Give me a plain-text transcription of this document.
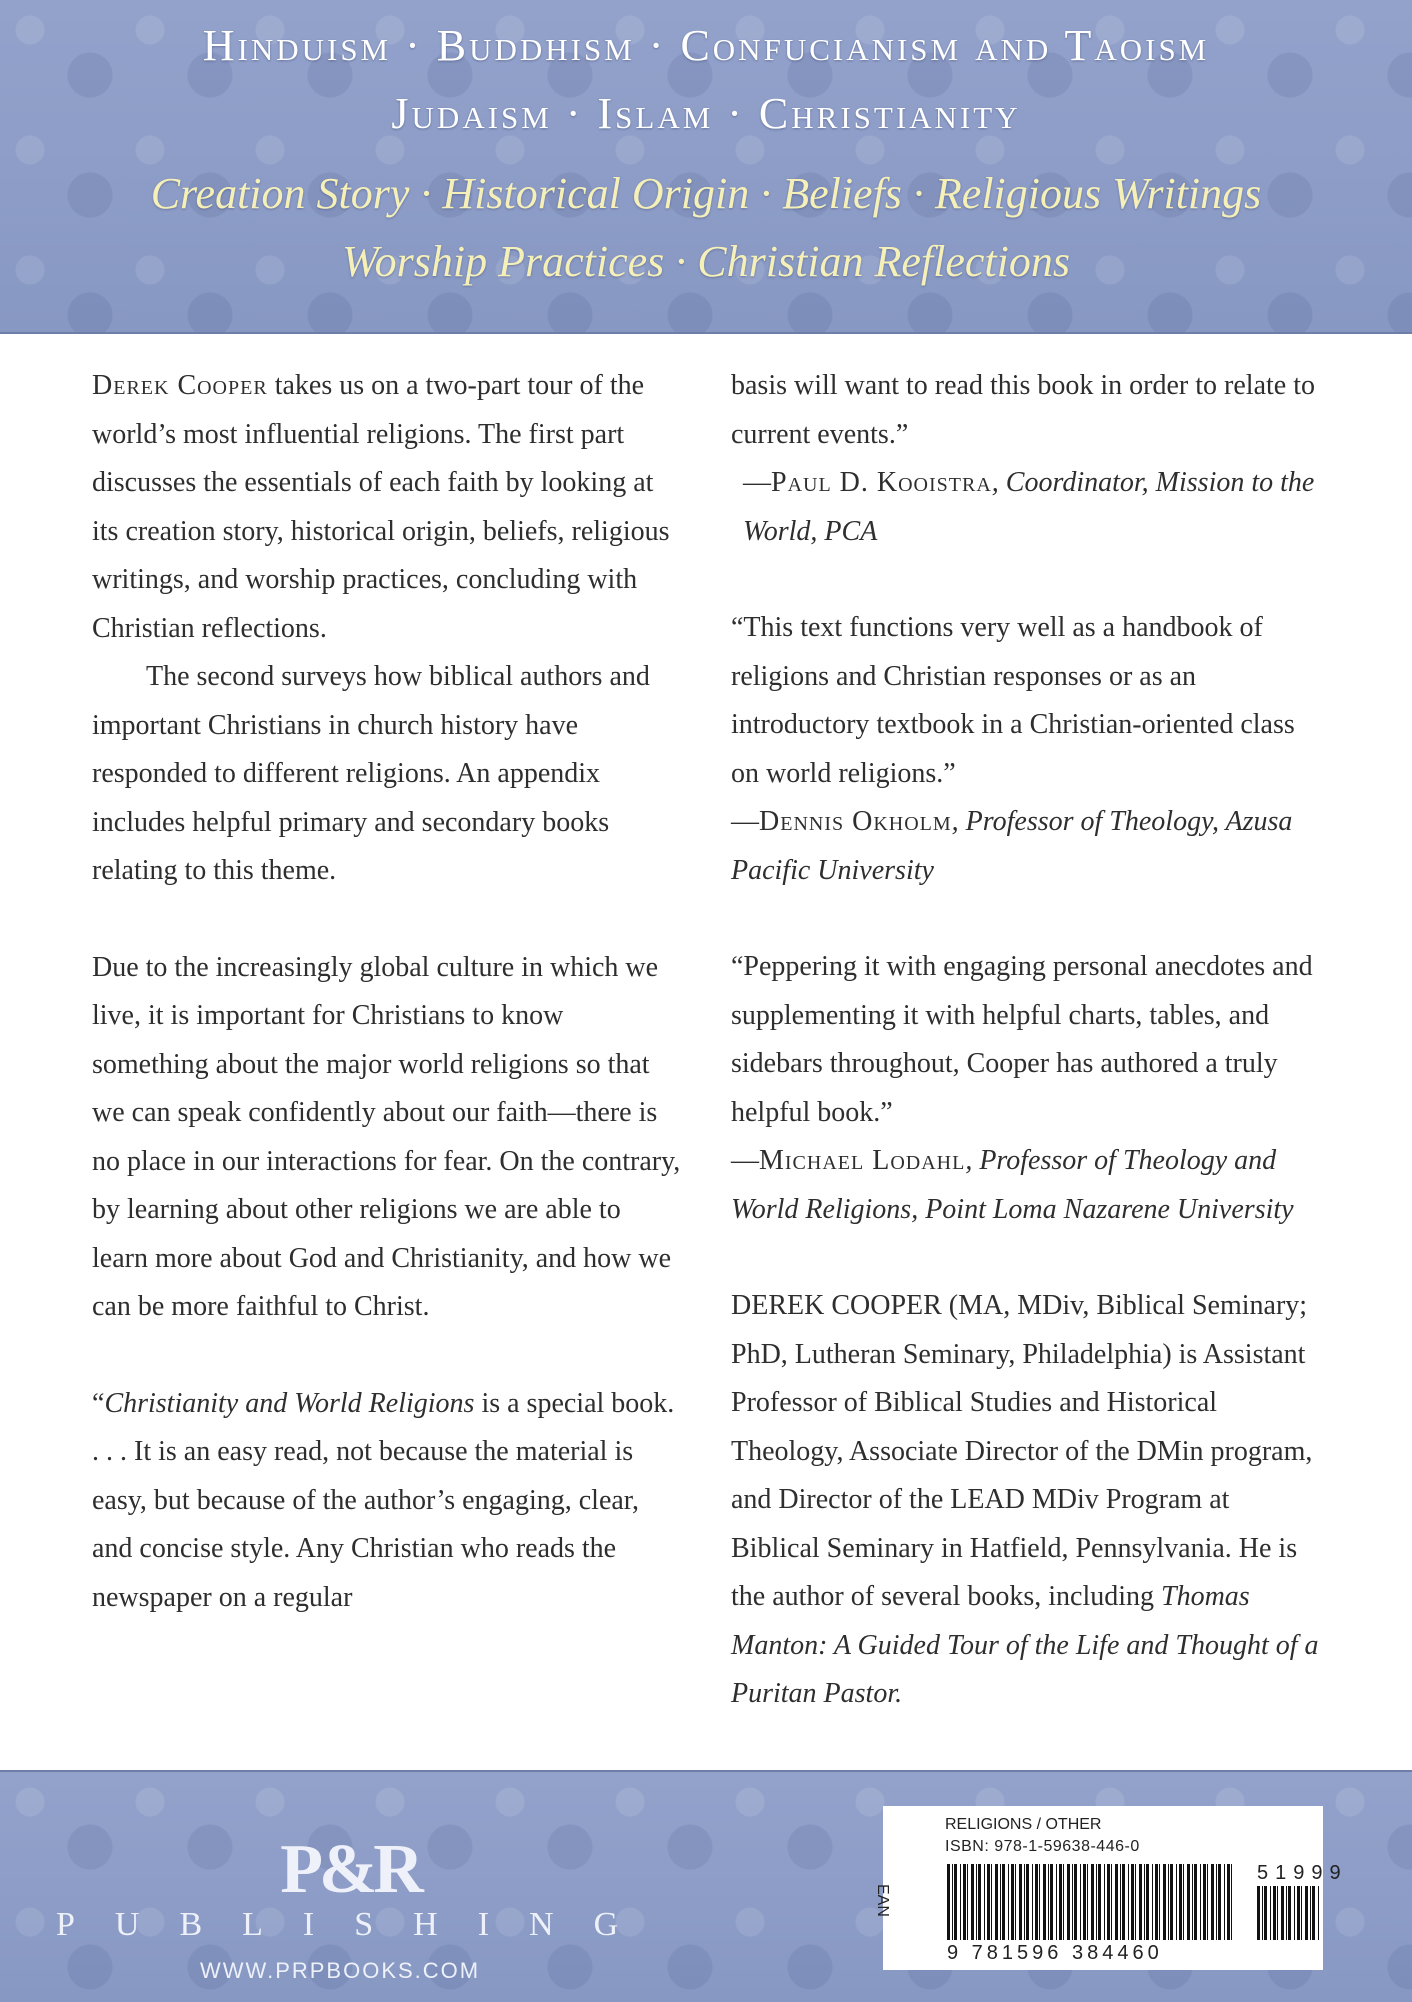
Hinduism · Buddhism · Confucianism and Taoism
Judaism · Islam · Christianity
Creation Story · Historical Origin · Beliefs · Religious Writings
Worship Practices · Christian Reflections

Derek Cooper takes us on a two-part tour of the world’s most influential religions. The first part discusses the essentials of each faith by looking at its creation story, historical origin, beliefs, religious writings, and worship practices, concluding with Christian reflections.

The second surveys how biblical authors and important Christians in church history have responded to different religions. An appendix includes helpful primary and secondary books relating to this theme.

Due to the increasingly global culture in which we live, it is important for Christians to know something about the major world religions so that we can speak confidently about our faith—there is no place in our interactions for fear. On the contrary, by learning about other religions we are able to learn more about God and Christianity, and how we can be more faithful to Christ.

“Christianity and World Religions is a special book. . . . It is an easy read, not because the material is easy, but because of the author’s engaging, clear, and concise style. Any Christian who reads the newspaper on a regular

basis will want to read this book in order to relate to current events.”

—Paul D. Kooistra, Coordinator, Mission to the World, PCA

“This text functions very well as a handbook of religions and Christian responses or as an introductory textbook in a Christian-oriented class on world religions.”

—Dennis Okholm, Professor of Theology, Azusa Pacific University

“Peppering it with engaging personal anecdotes and supplementing it with helpful charts, tables, and sidebars throughout, Cooper has authored a truly helpful book.”

—Michael Lodahl, Professor of Theology and World Religions, Point Loma Nazarene University

DEREK COOPER (MA, MDiv, Biblical Seminary; PhD, Lutheran Seminary, Philadelphia) is Assistant Professor of Biblical Studies and Historical Theology, Associate Director of the DMin program, and Director of the LEAD MDiv Program at Biblical Seminary in Hatfield, Pennsylvania. He is the author of several books, including Thomas Manton: A Guided Tour of the Life and Thought of a Puritan Pastor.

P&R
PUBLISHING
WWW.PRPBOOKS.COM
RELIGIONS / OTHER
ISBN: 978-1-59638-446-0
EAN
51999
9 781596 384460
